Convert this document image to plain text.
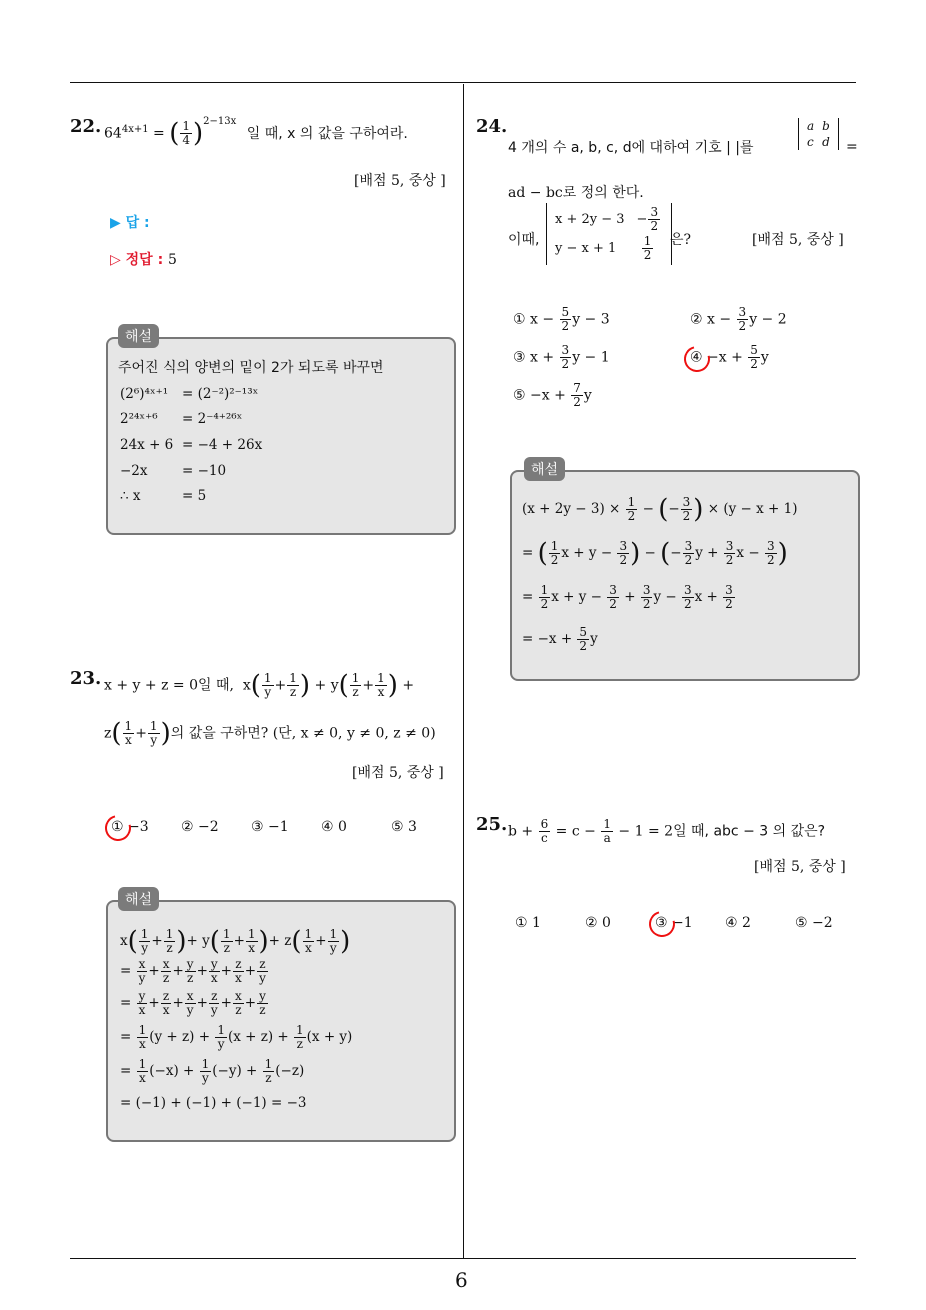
6
22. $64^{4x+1}$ = ( $\frac{1}{4} )^{2-13x}$ 일 때, x 의 값을 구하여라.
[배점 5, 중상 ]
▶ 답 :
▷ 정답 : 5
해설
주어진 식의 양변의 밑이 2가 되도록 바꾸면
(2⁶)⁴ˣ⁺¹ = (2⁻²)²⁻¹³ˣ
2²⁴ˣ⁺⁶ = 2⁻⁴⁺²⁶ˣ
24x + 6 = −4 + 26x
−2x	= −10
∴ x	= 5
23. x + y + z = 0일 때,  $x( \frac{1}{y} + \frac{1}{z}$ ) + $y( \frac{1}{z} + \frac{1}{x}$ ) +
$z( \frac{1}{x} + \frac{1}{y}$ )의 값을 구하면? (단, x ≠ 0, y ≠ 0, z ≠ 0)
[배점 5, 중상 ]
① −3 ② −2 ③ −1 ④ 0	⑤ 3
해설
$x( \frac{1}{y} + \frac{1}{z}$ )+ $y( \frac{1}{z} + \frac{1}{x}$ )+ $z( \frac{1}{x} + \frac{1}{y}$ )
= $\frac{x}{y} + \frac{x}{z} + \frac{y}{z} + \frac{y}{x} + \frac{z}{x} + \frac{z}{y}$
= $\frac{y}{x} + \frac{z}{x} + \frac{x}{y} + \frac{z}{y} + \frac{x}{z} + \frac{y}{z}$
= $\frac{1}{x} (y + z) + \frac{1}{y} (x + z) + \frac{1}{z} (x + y)$
= $\frac{1}{x} (-x) + \frac{1}{y} (-y) + \frac{1}{z} (-z)$
= (−1) + (−1) + (−1) = −3
24.
4 개의 수 a, b, c, d에 대하여 기호 | |를
a	b
c	d =
ad − bc로 정의 한다.
이때,
x + 2y − 3	− $\frac{3}{2}$

y − x + 1	$\frac{1}{2}$ 은?	[배점 5, 중상 ]
① $x - \frac{5}{2}$ y − 3	② $x - \frac{3}{2}$ y − 2
③ $x + \frac{3}{2}$ y − 1	④ $-x + \frac{5}{2}$ y
⑤ $-x + \frac{7}{2}$ y
해설
$(x + 2y - 3) \times \frac{1}{2}$ − (− $\frac{3}{2}$ ) × (y − x + 1)
= ( $\frac{1}{2}$ $x + y - \frac{3}{2}$ ) − (− $\frac{3}{2}$ $y + \frac{3}{2}$ $x - \frac{3}{2}$ )
= $\frac{1}{2}$ $x + y - \frac{3}{2} + \frac{3}{2}$ $y - \frac{3}{2}$ $x + \frac{3}{2}$
= $-x + \frac{5}{2}$ y
25. $b + \frac{6}{c} = c - \frac{1}{a} - 1 = 2$일 때, abc − 3 의 값은?
[배점 5, 중상 ]
① 1	② 0	③ −1 ④ 2	⑤ −2
